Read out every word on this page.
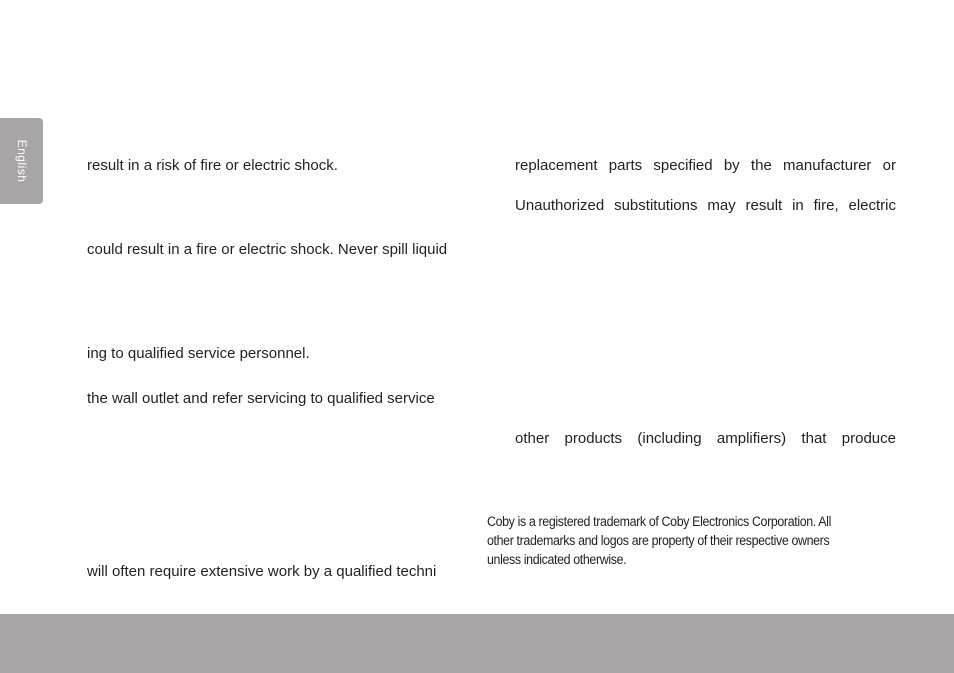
English	result in a risk of fire or electric shock.
could result in a fire or electric shock. Never spill liquid
ing to qualified service personnel.
the wall outlet and refer servicing to qualified service
will often require extensive work by a qualified techni
replacement parts specified by the manufacturer or
Unauthorized substitutions may result in fire, electric
other products (including amplifiers) that produce
Coby is a registered trademark of Coby Electronics Corporation. All
other trademarks and logos are property of their respective owners
unless indicated otherwise.
